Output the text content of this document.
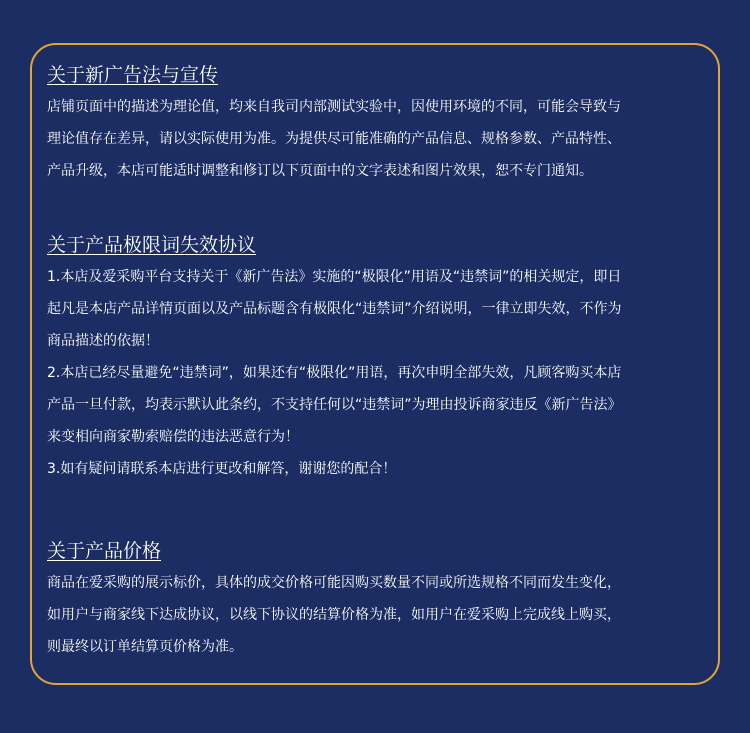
关于新广告法与宣传

店铺页面中的描述为理论值，均来自我司内部测试实验中，因使用环境的不同，可能会导致与

理论值存在差异，请以实际使用为准。为提供尽可能准确的产品信息、规格参数、产品特性、

产品升级，本店可能适时调整和修订以下页面中的文字表述和图片效果，恕不专门通知。

关于产品极限词失效协议

1.本店及爱采购平台支持关于《新广告法》实施的“极限化”用语及“违禁词”的相关规定，即日

起凡是本店产品详情页面以及产品标题含有极限化“违禁词”介绍说明，一律立即失效，不作为

商品描述的依据！

2.本店已经尽量避免“违禁词”，如果还有“极限化”用语，再次申明全部失效，凡顾客购买本店

产品一旦付款，均表示默认此条约，不支持任何以“违禁词”为理由投诉商家违反《新广告法》

来变相向商家勒索赔偿的违法恶意行为！

3.如有疑问请联系本店进行更改和解答，谢谢您的配合！

关于产品价格

商品在爱采购的展示标价，具体的成交价格可能因购买数量不同或所选规格不同而发生变化，

如用户与商家线下达成协议，以线下协议的结算价格为准，如用户在爱采购上完成线上购买，

则最终以订单结算页价格为准。
